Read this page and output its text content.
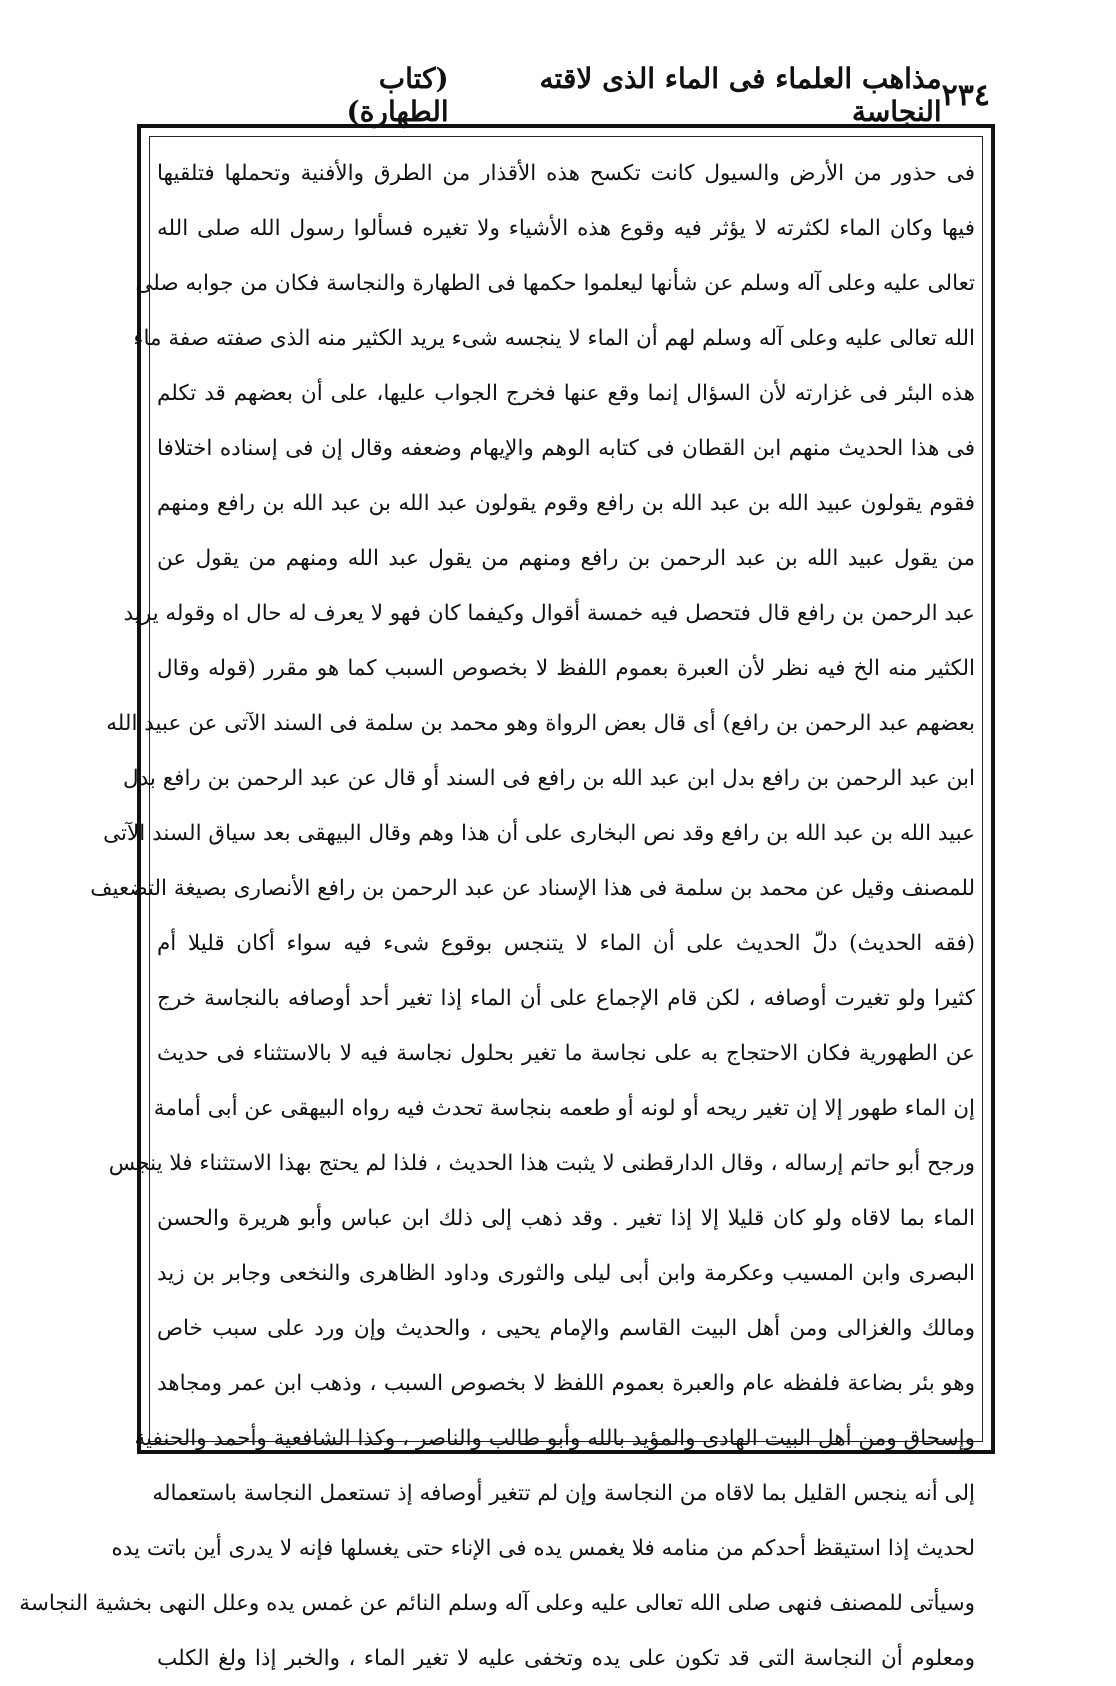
٢٣٤
مذاهب العلماء فى الماء الذى لاقته النجاسة
(كتاب الطهارة)
فى حذور من الأرض والسيول كانت تكسح هذه الأقذار من الطرق والأفنية وتحملها فتلقيها
فيها وكان الماء لكثرته لا يؤثر فيه وقوع هذه الأشياء ولا تغيره فسألوا رسول الله صلى الله
تعالى عليه وعلى آله وسلم عن شأنها ليعلموا حكمها فى الطهارة والنجاسة فكان من جوابه صلى
الله تعالى عليه وعلى آله وسلم لهم أن الماء لا ينجسه شىء يريد الكثير منه الذى صفته صفة ماء
هذه البئر فى غزارته لأن السؤال إنما وقع عنها فخرج الجواب عليها، على أن بعضهم قد تكلم
فى هذا الحديث منهم ابن القطان فى كتابه الوهم والإيهام وضعفه وقال إن فى إسناده اختلافا
فقوم يقولون عبيد الله بن عبد الله بن رافع وقوم يقولون عبد الله بن عبد الله بن رافع ومنهم
من يقول عبيد الله بن عبد الرحمن بن رافع ومنهم من يقول عبد الله ومنهم من يقول عن
عبد الرحمن بن رافع قال فتحصل فيه خمسة أقوال وكيفما كان فهو لا يعرف له حال اه وقوله يريد
الكثير منه الخ فيه نظر لأن العبرة بعموم اللفظ لا بخصوص السبب كما هو مقرر (قوله وقال
بعضهم عبد الرحمن بن رافع) أى قال بعض الرواة وهو محمد بن سلمة فى السند الآتى عن عبيد الله
ابن عبد الرحمن بن رافع بدل ابن عبد الله بن رافع فى السند أو قال عن عبد الرحمن بن رافع بدل
عبيد الله بن عبد الله بن رافع وقد نص البخارى على أن هذا وهم وقال البيهقى بعد سياق السند الآتى
للمصنف وقيل عن محمد بن سلمة فى هذا الإسناد عن عبد الرحمن بن رافع الأنصارى بصيغة التضعيف
(فقه الحديث) دلّ الحديث على أن الماء لا يتنجس بوقوع شىء فيه سواء أكان قليلا أم
كثيرا ولو تغيرت أوصافه ، لكن قام الإجماع على أن الماء إذا تغير أحد أوصافه بالنجاسة خرج
عن الطهورية فكان الاحتجاج به على نجاسة ما تغير بحلول نجاسة فيه لا بالاستثناء فى حديث
إن الماء طهور إلا إن تغير ريحه أو لونه أو طعمه بنجاسة تحدث فيه رواه البيهقى عن أبى أمامة
ورجح أبو حاتم إرساله ، وقال الدارقطنى لا يثبت هذا الحديث ، فلذا لم يحتج بهذا الاستثناء فلا ينجس
الماء بما لاقاه ولو كان قليلا إلا إذا تغير . وقد ذهب إلى ذلك ابن عباس وأبو هريرة والحسن
البصرى وابن المسيب وعكرمة وابن أبى ليلى والثورى وداود الظاهرى والنخعى وجابر بن زيد
ومالك والغزالى ومن أهل البيت القاسم والإمام يحيى ، والحديث وإن ورد على سبب خاص
وهو بئر بضاعة فلفظه عام والعبرة بعموم اللفظ لا بخصوص السبب ، وذهب ابن عمر ومجاهد
وإسحاق ومن أهل البيت الهادى والمؤيد بالله وأبو طالب والناصر ، وكذا الشافعية وأحمد والحنفية
إلى أنه ينجس القليل بما لاقاه من النجاسة وإن لم تتغير أوصافه إذ تستعمل النجاسة باستعماله
لحديث إذا استيقظ أحدكم من منامه فلا يغمس يده فى الإناء حتى يغسلها فإنه لا يدرى أين باتت يده
وسيأتى للمصنف فنهى صلى الله تعالى عليه وعلى آله وسلم النائم عن غمس يده وعلل النهى بخشية النجاسة
ومعلوم أن النجاسة التى قد تكون على يده وتخفى عليه لا تغير الماء ، والخبر إذا ولغ الكلب
